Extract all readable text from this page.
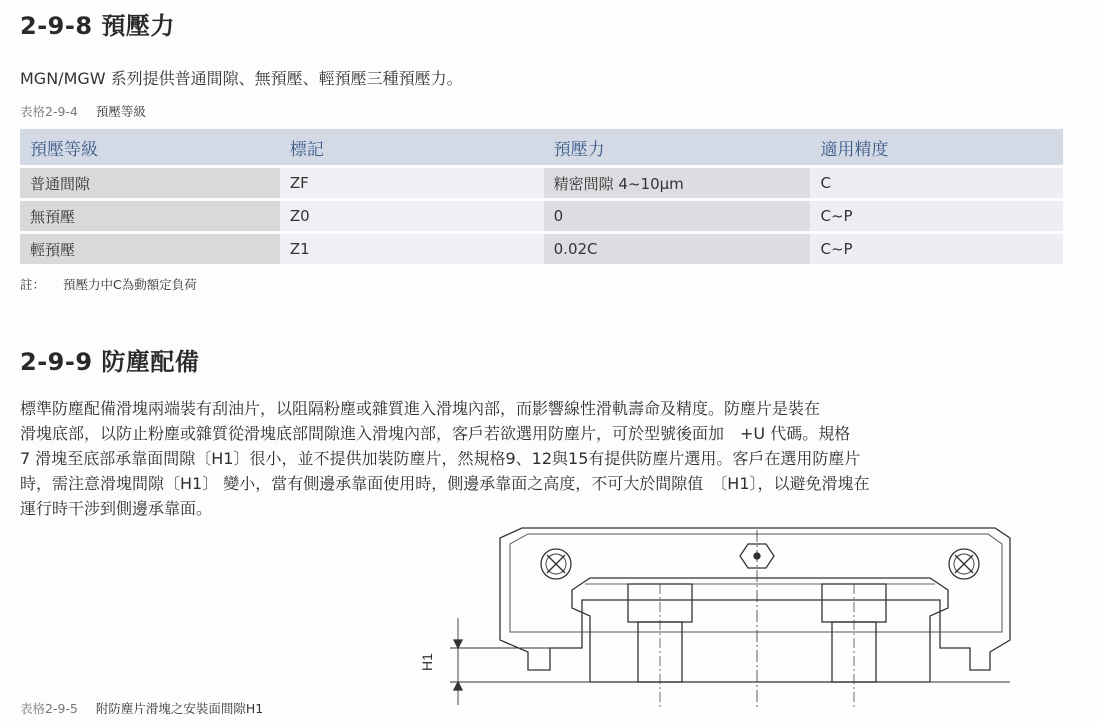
2-9-8 預壓力
MGN/MGW 系列提供普通間隙、無預壓、輕預壓三種預壓力。
表格2-9-4 預壓等級
預壓等級	標記	預壓力	適用精度
普通間隙	ZF	精密間隙 4~10μm	C
無預壓	Z0	0	C~P
輕預壓	Z1	0.02C	C~P
註： 預壓力中C為動額定負荷
2-9-9 防塵配備
標準防塵配備滑塊兩端裝有刮油片，以阻隔粉塵或雜質進入滑塊內部，而影響線性滑軌壽命及精度。防塵片是裝在
滑塊底部，以防止粉塵或雜質從滑塊底部間隙進入滑塊內部，客戶若欲選用防塵片，可於型號後面加　+U 代碼。規格
7 滑塊至底部承靠面間隙〔H1〕很小，並不提供加裝防塵片，然規格9、12與15有提供防塵片選用。客戶在選用防塵片
時，需注意滑塊間隙〔H1〕 變小，當有側邊承靠面使用時，側邊承靠面之高度，不可大於間隙值　〔H1〕，以避免滑塊在
運行時干涉到側邊承靠面。
H1
表格2-9-5 附防塵片滑塊之安裝面間隙H1
